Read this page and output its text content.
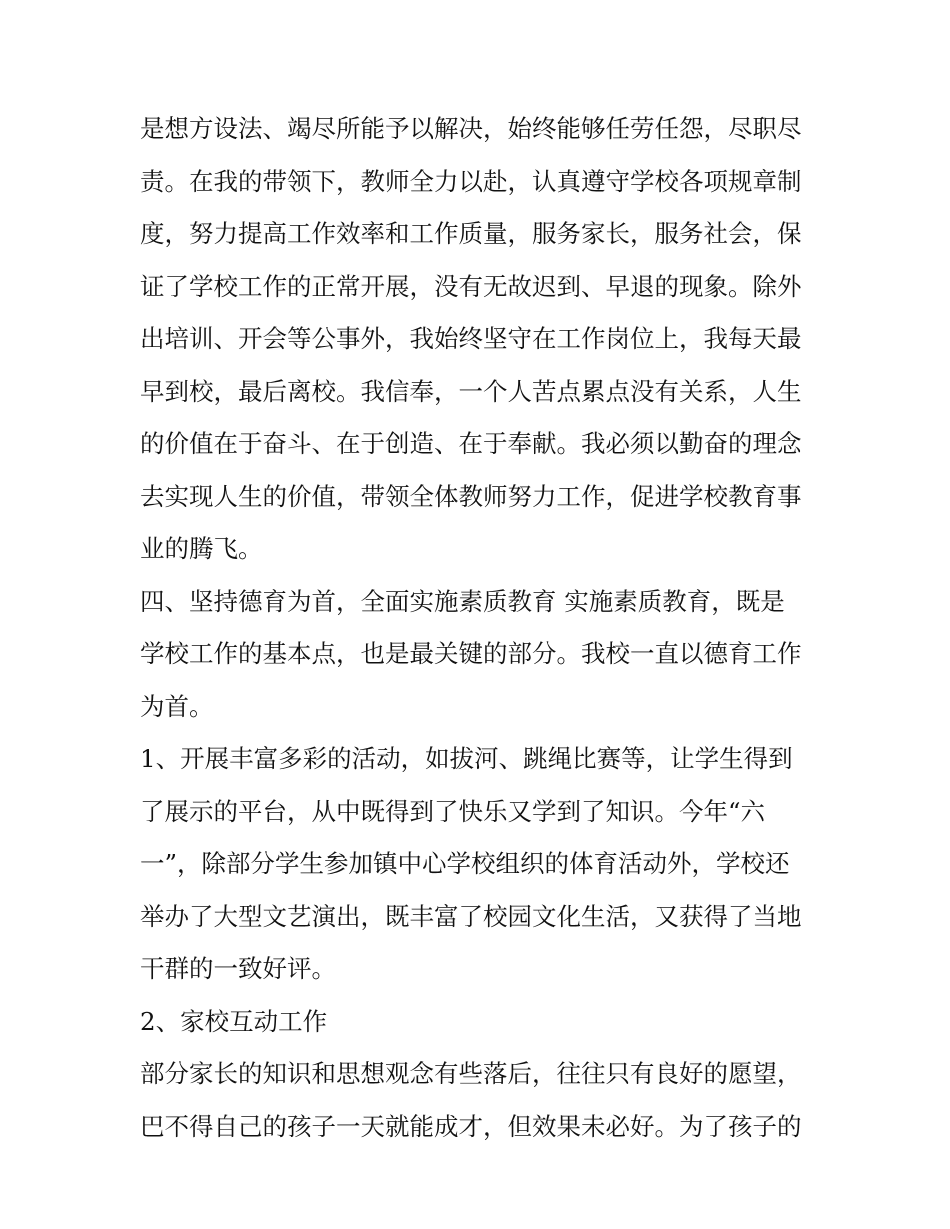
是想方设法、竭尽所能予以解决，始终能够任劳任怨，尽职尽
责。在我的带领下，教师全力以赴，认真遵守学校各项规章制
度，努力提高工作效率和工作质量，服务家长，服务社会，保
证了学校工作的正常开展，没有无故迟到、早退的现象。除外
出培训、开会等公事外，我始终坚守在工作岗位上，我每天最
早到校，最后离校。我信奉，一个人苦点累点没有关系，人生
的价值在于奋斗、在于创造、在于奉献。我必须以勤奋的理念
去实现人生的价值，带领全体教师努力工作，促进学校教育事
业的腾飞。
四、坚持德育为首，全面实施素质教育 实施素质教育，既是
学校工作的基本点，也是最关键的部分。我校一直以德育工作
为首。
1、开展丰富多彩的活动，如拔河、跳绳比赛等，让学生得到
了展示的平台，从中既得到了快乐又学到了知识。今年“六
一”，除部分学生参加镇中心学校组织的体育活动外，学校还
举办了大型文艺演出，既丰富了校园文化生活，又获得了当地
干群的一致好评。
2、家校互动工作
部分家长的知识和思想观念有些落后，往往只有良好的愿望，
巴不得自己的孩子一天就能成才，但效果未必好。为了孩子的
